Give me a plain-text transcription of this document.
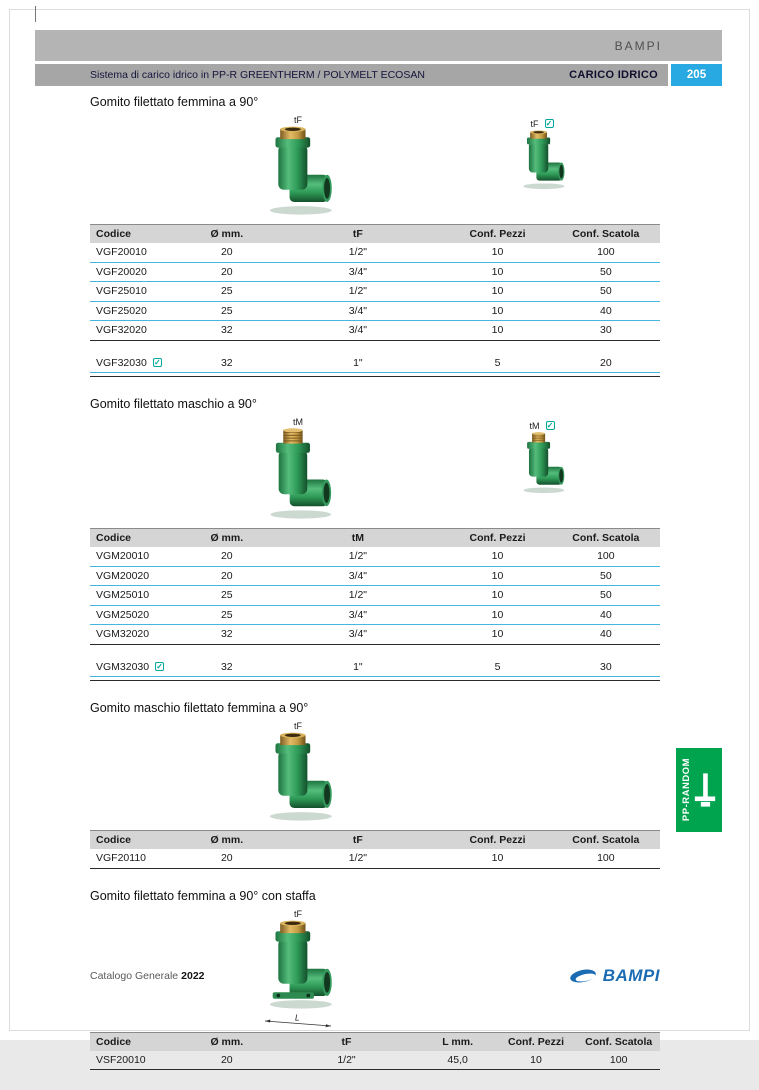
BAMPI
Sistema di carico idrico in PP-R GREENTHERM / POLYMELT ECOSAN	CARICO IDRICO	205
Gomito filettato femmina a 90°
tF	tF ✓
Codice	Ø mm.	tF	Conf. Pezzi	Conf. Scatola
VGF20010	20	1/2"	10	100
VGF20020	20	3/4"	10	50
VGF25010	25	1/2"	10	50
VGF25020	25	3/4"	10	40
VGF32020	32	3/4"	10	30
VGF32030 ✓	32	1"	5	20
Gomito filettato maschio a 90°
tM	tM ✓
Codice	Ø mm.	tM	Conf. Pezzi	Conf. Scatola
VGM20010	20	1/2"	10	100
VGM20020	20	3/4"	10	50
VGM25010	25	1/2"	10	50
VGM25020	25	3/4"	10	40
VGM32020	32	3/4"	10	40
VGM32030 ✓	32	1"	5	30
Gomito maschio filettato femmina a 90°
tF
Codice	Ø mm.	tF	Conf. Pezzi	Conf. Scatola
VGF20110	20	1/2"	10	100
Gomito filettato femmina a 90° con staffa
tF
L
Codice	Ø mm.	tF	L mm.	Conf. Pezzi	Conf. Scatola
VSF20010	20	1/2"	45,0	10	100
Catalogo Generale 2022	BAMPI
PP-RANDOM
